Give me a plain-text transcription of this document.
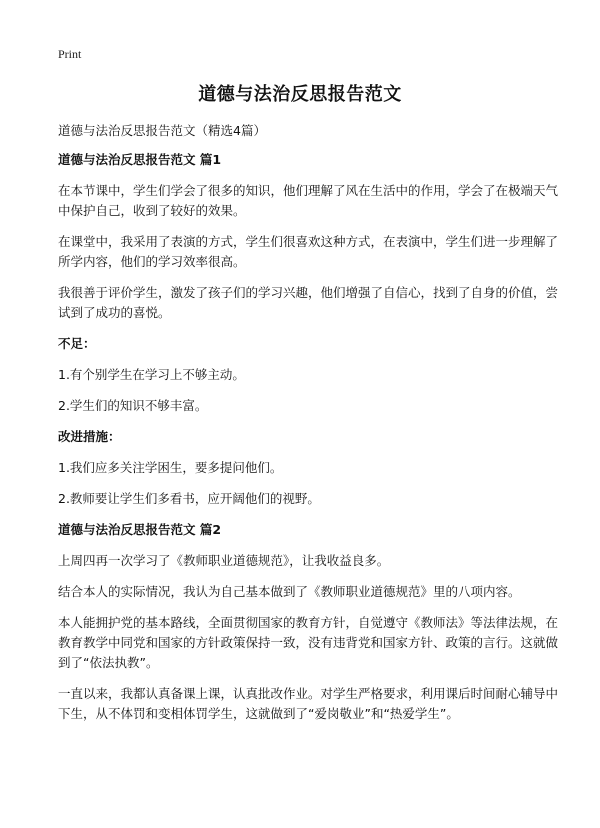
Print
道德与法治反思报告范文
道德与法治反思报告范文（精选4篇）
道德与法治反思报告范文 篇1
在本节课中，学生们学会了很多的知识，他们理解了风在生活中的作用，学会了在极端天气中保护自己，收到了较好的效果。
在课堂中，我采用了表演的方式，学生们很喜欢这种方式，在表演中，学生们进一步理解了所学内容，他们的学习效率很高。
我很善于评价学生，激发了孩子们的学习兴趣，他们增强了自信心，找到了自身的价值，尝试到了成功的喜悦。
不足：
1.有个别学生在学习上不够主动。
2.学生们的知识不够丰富。
改进措施：
1.我们应多关注学困生，要多提问他们。
2.教师要让学生们多看书，应开阔他们的视野。
道德与法治反思报告范文 篇2
上周四再一次学习了《教师职业道德规范》，让我收益良多。
结合本人的实际情况，我认为自己基本做到了《教师职业道德规范》里的八项内容。
本人能拥护党的基本路线，全面贯彻国家的教育方针，自觉遵守《教师法》等法律法规，在教育教学中同党和国家的方针政策保持一致，没有违背党和国家方针、政策的言行。这就做到了“依法执教”。
一直以来，我都认真备课上课，认真批改作业。对学生严格要求，利用课后时间耐心辅导中下生，从不体罚和变相体罚学生，这就做到了“爱岗敬业”和“热爱学生”。
